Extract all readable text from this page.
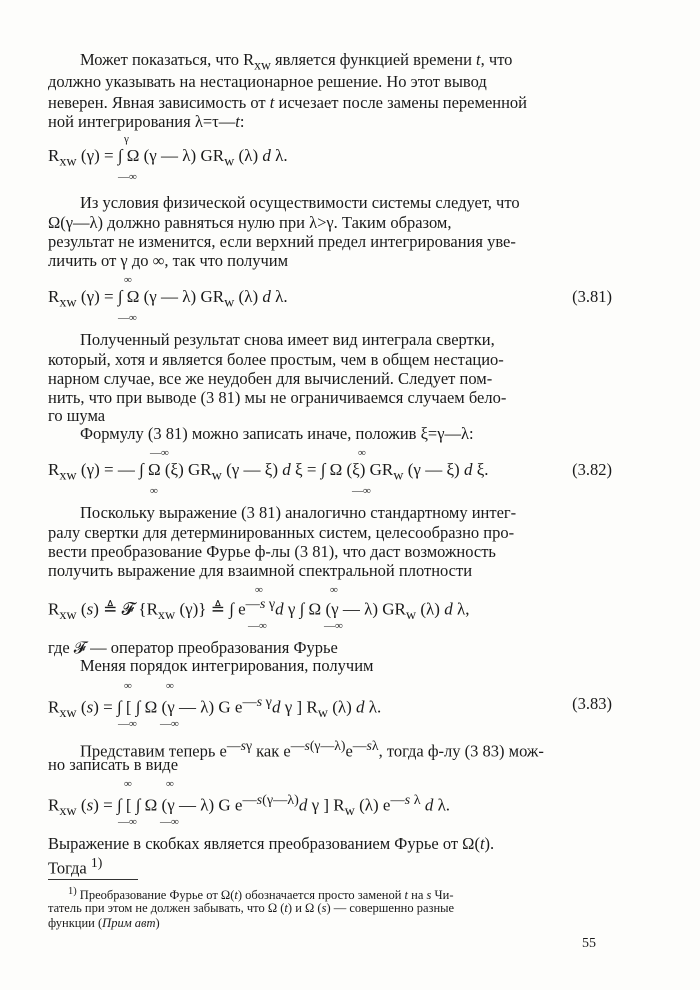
Может показаться, что $R_{xw}$ является функцией времени t, что
должно указывать на нестационарное решение. Но этот вывод
неверен. Явная зависимость от t исчезает после замены переменной
ной интегрирования λ=τ—t:
γ
$R_{xw}$ (γ) = ∫ Ω (γ — λ) $GR_w$ (λ) d λ.
—∞
Из условия физической осуществимости системы следует, что
Ω(γ—λ) должно равняться нулю при λ>γ. Таким образом,
результат не изменится, если верхний предел интегрирования уве-
личить от γ до ∞, так что получим
∞
$R_{xw}$ (γ) = ∫ Ω (γ — λ) $GR_w$ (λ) d λ.
—∞
(3.81)
Полученный результат снова имеет вид интеграла свертки,
который, хотя и является более простым, чем в общем нестацио-
нарном случае, все же неудобен для вычислений. Следует пом-
нить, что при выводе (3 81) мы не ограничиваемся случаем бело-
го шума
Формулу (3 81) можно записать иначе, положив ξ=γ—λ:
—∞
$R_{xw}$ (γ) = — ∫ Ω (ξ) $GR_w$ (γ — ξ) d ξ = ∫ Ω (ξ) $GR_w$ (γ — ξ) d ξ.
∞
∞
—∞
(3.82)
Поскольку выражение (3 81) аналогично стандартному интег-
ралу свертки для детерминированных систем, целесообразно про-
вести преобразование Фурье ф-лы (3 81), что даст возможность
получить выражение для взаимной спектральной плотности
∞	∞
$R_{xw}$ (s) ≜ 𝓕 {$R_{xw}$ (γ)} ≜ ∫ $e^{—s \gamma}d$ γ ∫ Ω (γ — λ) $GR_w$ (λ) d λ,
—∞	—∞
где 𝓕 — оператор преобразования Фурье
Меняя порядок интегрирования, получим
∞	∞
$R_{xw}$ (s) = ∫ [ ∫ Ω (γ — λ) G $e^{—s \gamma}d$ γ ] $R_w$ (λ) d λ.
—∞ —∞
(3.83)
Представим теперь $e^{—s\gamma}$ как $e^{—s(\gamma—\lambda)}e^{—s\lambda}$, тогда ф-лу (3 83) мож-
но записать в виде
∞	∞
$R_{xw}$ (s) = ∫ [ ∫ Ω (γ — λ) G $e^{—s(\gamma—\lambda)}d$ γ ] $R_w$ (λ) $e^{—s \lambda}$ d λ.
—∞ —∞
Выражение в скобках является преобразованием Фурье от Ω(t).
Тогда $^{1)}$
$^{1)}$ Преобразование Фурье от Ω(t) обозначается просто заменой t на s Чи-
татель при этом не должен забывать, что Ω (t) и Ω (s) — совершенно разные
функции (Прим авт)
55
